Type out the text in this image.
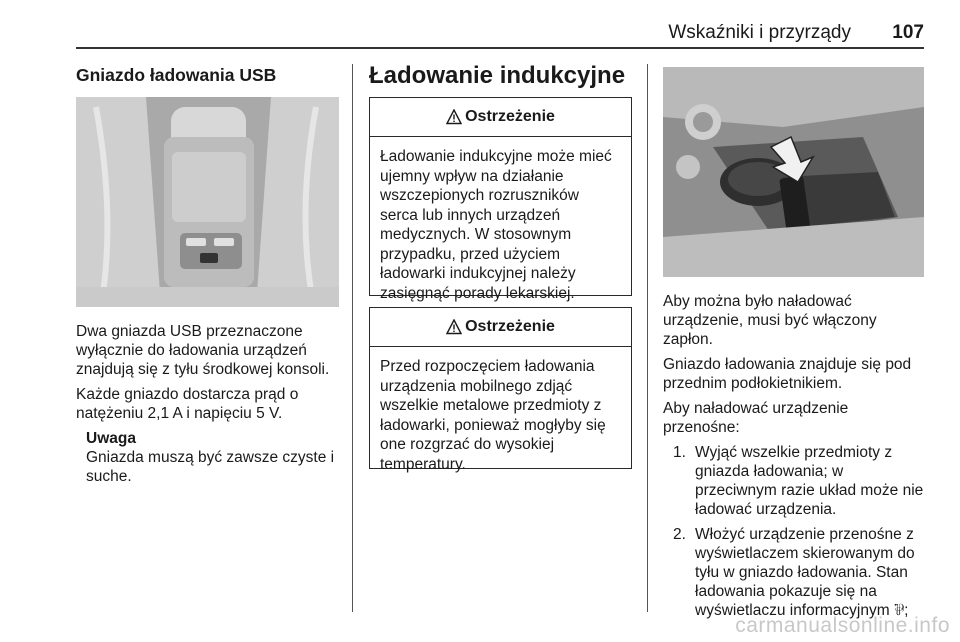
Wskaźniki i przyrządy 107
Gniazdo ładowania USB

Dwa gniazda USB przeznaczone
wyłącznie do ładowania urządzeń
znajdują się z tyłu środkowej konsoli.

Każde gniazdo dostarcza prąd o
natężeniu 2,1 A i napięciu 5 V.

Uwaga

Gniazda muszą być zawsze czyste i
suche.

Ładowanie indukcyjne
Ostrzeżenie
Ładowanie indukcyjne może mieć
ujemny wpływ na działanie
wszczepionych rozruszników
serca lub innych urządzeń
medycznych. W stosownym
przypadku, przed użyciem
ładowarki indukcyjnej należy
zasięgnąć porady lekarskiej.
Ostrzeżenie
Przed rozpoczęciem ładowania
urządzenia mobilnego zdjąć
wszelkie metalowe przedmioty z
ładowarki, ponieważ mogłyby się
one rozgrzać do wysokiej
temperatury.

Aby można było naładować
urządzenie, musi być włączony
zapłon.

Gniazdo ładowania znajduje się pod
przednim podłokietnikiem.

Aby naładować urządzenie
przenośne:

1. Wyjąć wszelkie przedmioty z
gniazda ładowania; w
przeciwnym razie układ może nie
ładować urządzenia.

2. Włożyć urządzenie przenośne z
wyświetlaczem skierowanym do
tyłu w gniazdo ładowania. Stan
ładowania pokazuje się na
wyświetlaczu informacyjnym ⅌;

carmanualsonline.info
